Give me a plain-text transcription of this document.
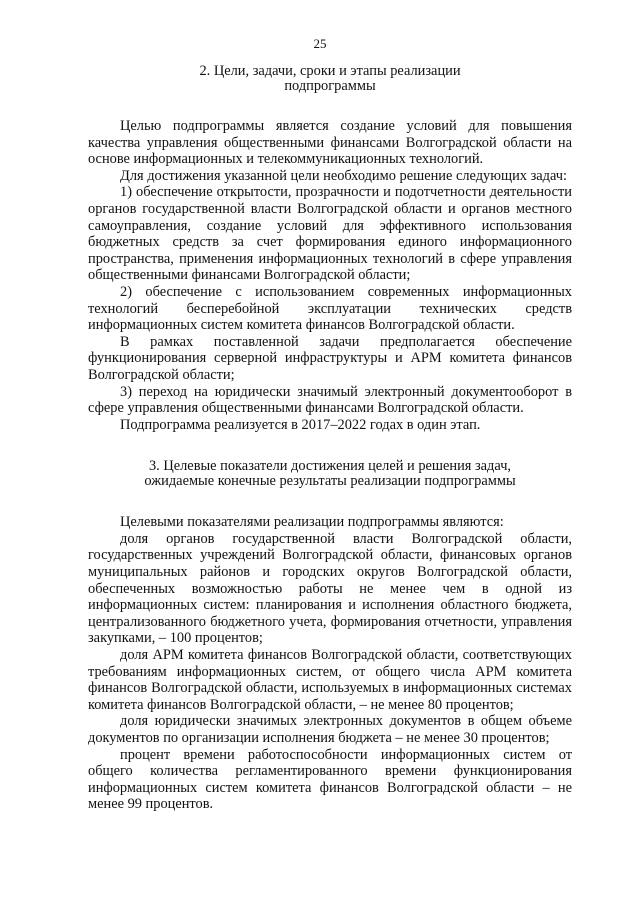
25
2. Цели, задачи, сроки и этапы реализации
подпрограммы

Целью подпрограммы является создание условий для повышения качества управления общественными финансами Волгоградской области на основе информационных и телекоммуникационных технологий.

Для достижения указанной цели необходимо решение следующих задач:

1) обеспечение открытости, прозрачности и подотчетности деятельности органов государственной власти Волгоградской области и органов местного самоуправления, создание условий для эффективного использования бюджетных средств за счет формирования единого информационного пространства, применения информационных технологий в сфере управления общественными финансами Волгоградской области;

2) обеспечение с использованием современных информационных технологий бесперебойной эксплуатации технических средств информационных систем комитета финансов Волгоградской области.

В рамках поставленной задачи предполагается обеспечение функционирования серверной инфраструктуры и АРМ комитета финансов Волгоградской области;

3) переход на юридически значимый электронный документооборот в сфере управления общественными финансами Волгоградской области.

Подпрограмма реализуется в 2017–2022 годах в один этап.

3. Целевые показатели достижения целей и решения задач,
ожидаемые конечные результаты реализации подпрограммы

Целевыми показателями реализации подпрограммы являются:

доля органов государственной власти Волгоградской области, государственных учреждений Волгоградской области, финансовых органов муниципальных районов и городских округов Волгоградской области, обеспеченных возможностью работы не менее чем в одной из информационных систем: планирования и исполнения областного бюджета, централизованного бюджетного учета, формирования отчетности, управления закупками, – 100 процентов;

доля АРМ комитета финансов Волгоградской области, соответствующих требованиям информационных систем, от общего числа АРМ комитета финансов Волгоградской области, используемых в информационных системах комитета финансов Волгоградской области, – не менее 80 процентов;

доля юридически значимых электронных документов в общем объеме документов по организации исполнения бюджета – не менее 30 процентов;

процент времени работоспособности информационных систем от общего количества регламентированного времени функционирования информационных систем комитета финансов Волгоградской области – не менее 99 процентов.
